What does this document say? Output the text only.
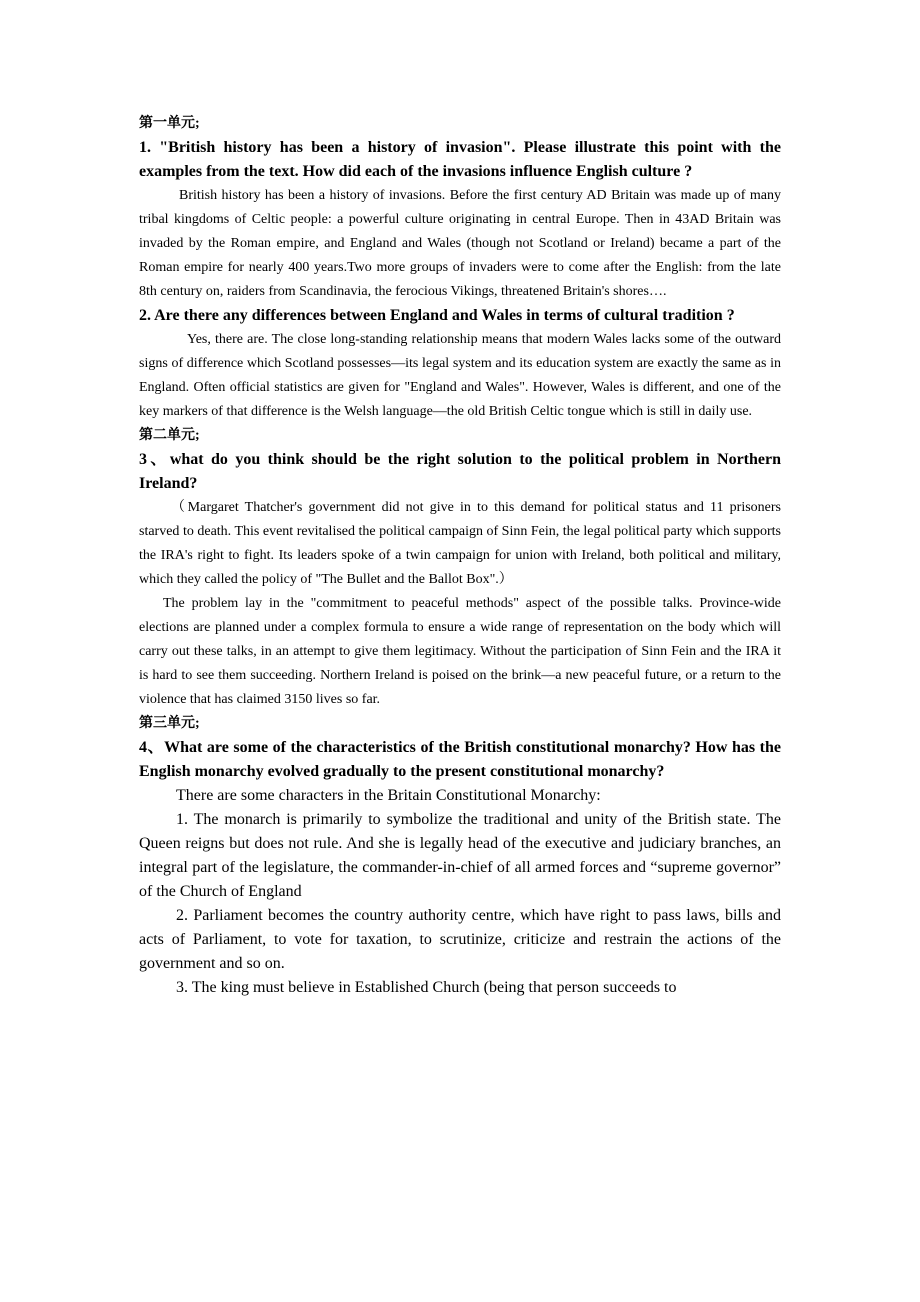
第一单元;

1. "British history has been a history of invasion". Please illustrate this point with the examples from the text. How did each of the invasions influence English culture ?

British history has been a history of invasions. Before the first century AD Britain was made up of many tribal kingdoms of Celtic people: a powerful culture originating in central Europe. Then in 43AD Britain was invaded by the Roman empire, and England and Wales (though not Scotland or Ireland) became a part of the Roman empire for nearly 400 years.Two more groups of invaders were to come after the English: from the late 8th century on, raiders from Scandinavia, the ferocious Vikings, threatened Britain's shores….

2. Are there any differences between England and Wales in terms of cultural tradition ?

Yes, there are. The close long-standing relationship means that modern Wales lacks some of the outward signs of difference which Scotland possesses—its legal system and its education system are exactly the same as in England. Often official statistics are given for "England and Wales". However, Wales is different, and one of the key markers of that difference is the Welsh language—the old British Celtic tongue which is still in daily use.

第二单元;

3、what do you think should be the right solution to the political problem in Northern Ireland?

（Margaret Thatcher's government did not give in to this demand for political status and 11 prisoners starved to death. This event revitalised the political campaign of Sinn Fein, the legal political party which supports the IRA's right to fight. Its leaders spoke of a twin campaign for union with Ireland, both political and military, which they called the policy of "The Bullet and the Ballot Box".）

The problem lay in the "commitment to peaceful methods" aspect of the possible talks. Province-wide elections are planned under a complex formula to ensure a wide range of representation on the body which will carry out these talks, in an attempt to give them legitimacy. Without the participation of Sinn Fein and the IRA it is hard to see them succeeding. Northern Ireland is poised on the brink—a new peaceful future, or a return to the violence that has claimed 3150 lives so far.

第三单元;

4、What are some of the characteristics of the British constitutional monarchy? How has the English monarchy evolved gradually to the present constitutional monarchy?

There are some characters in the Britain Constitutional Monarchy:

1. The monarch is primarily to symbolize the traditional and unity of the British state. The Queen reigns but does not rule. And she is legally head of the executive and judiciary branches, an integral part of the legislature, the commander-in-chief of all armed forces and “supreme governor” of the Church of England

2. Parliament becomes the country authority centre, which have right to pass laws, bills and acts of Parliament, to vote for taxation, to scrutinize, criticize and restrain the actions of the government and so on.

3. The king must believe in Established Church (being that person succeeds to
